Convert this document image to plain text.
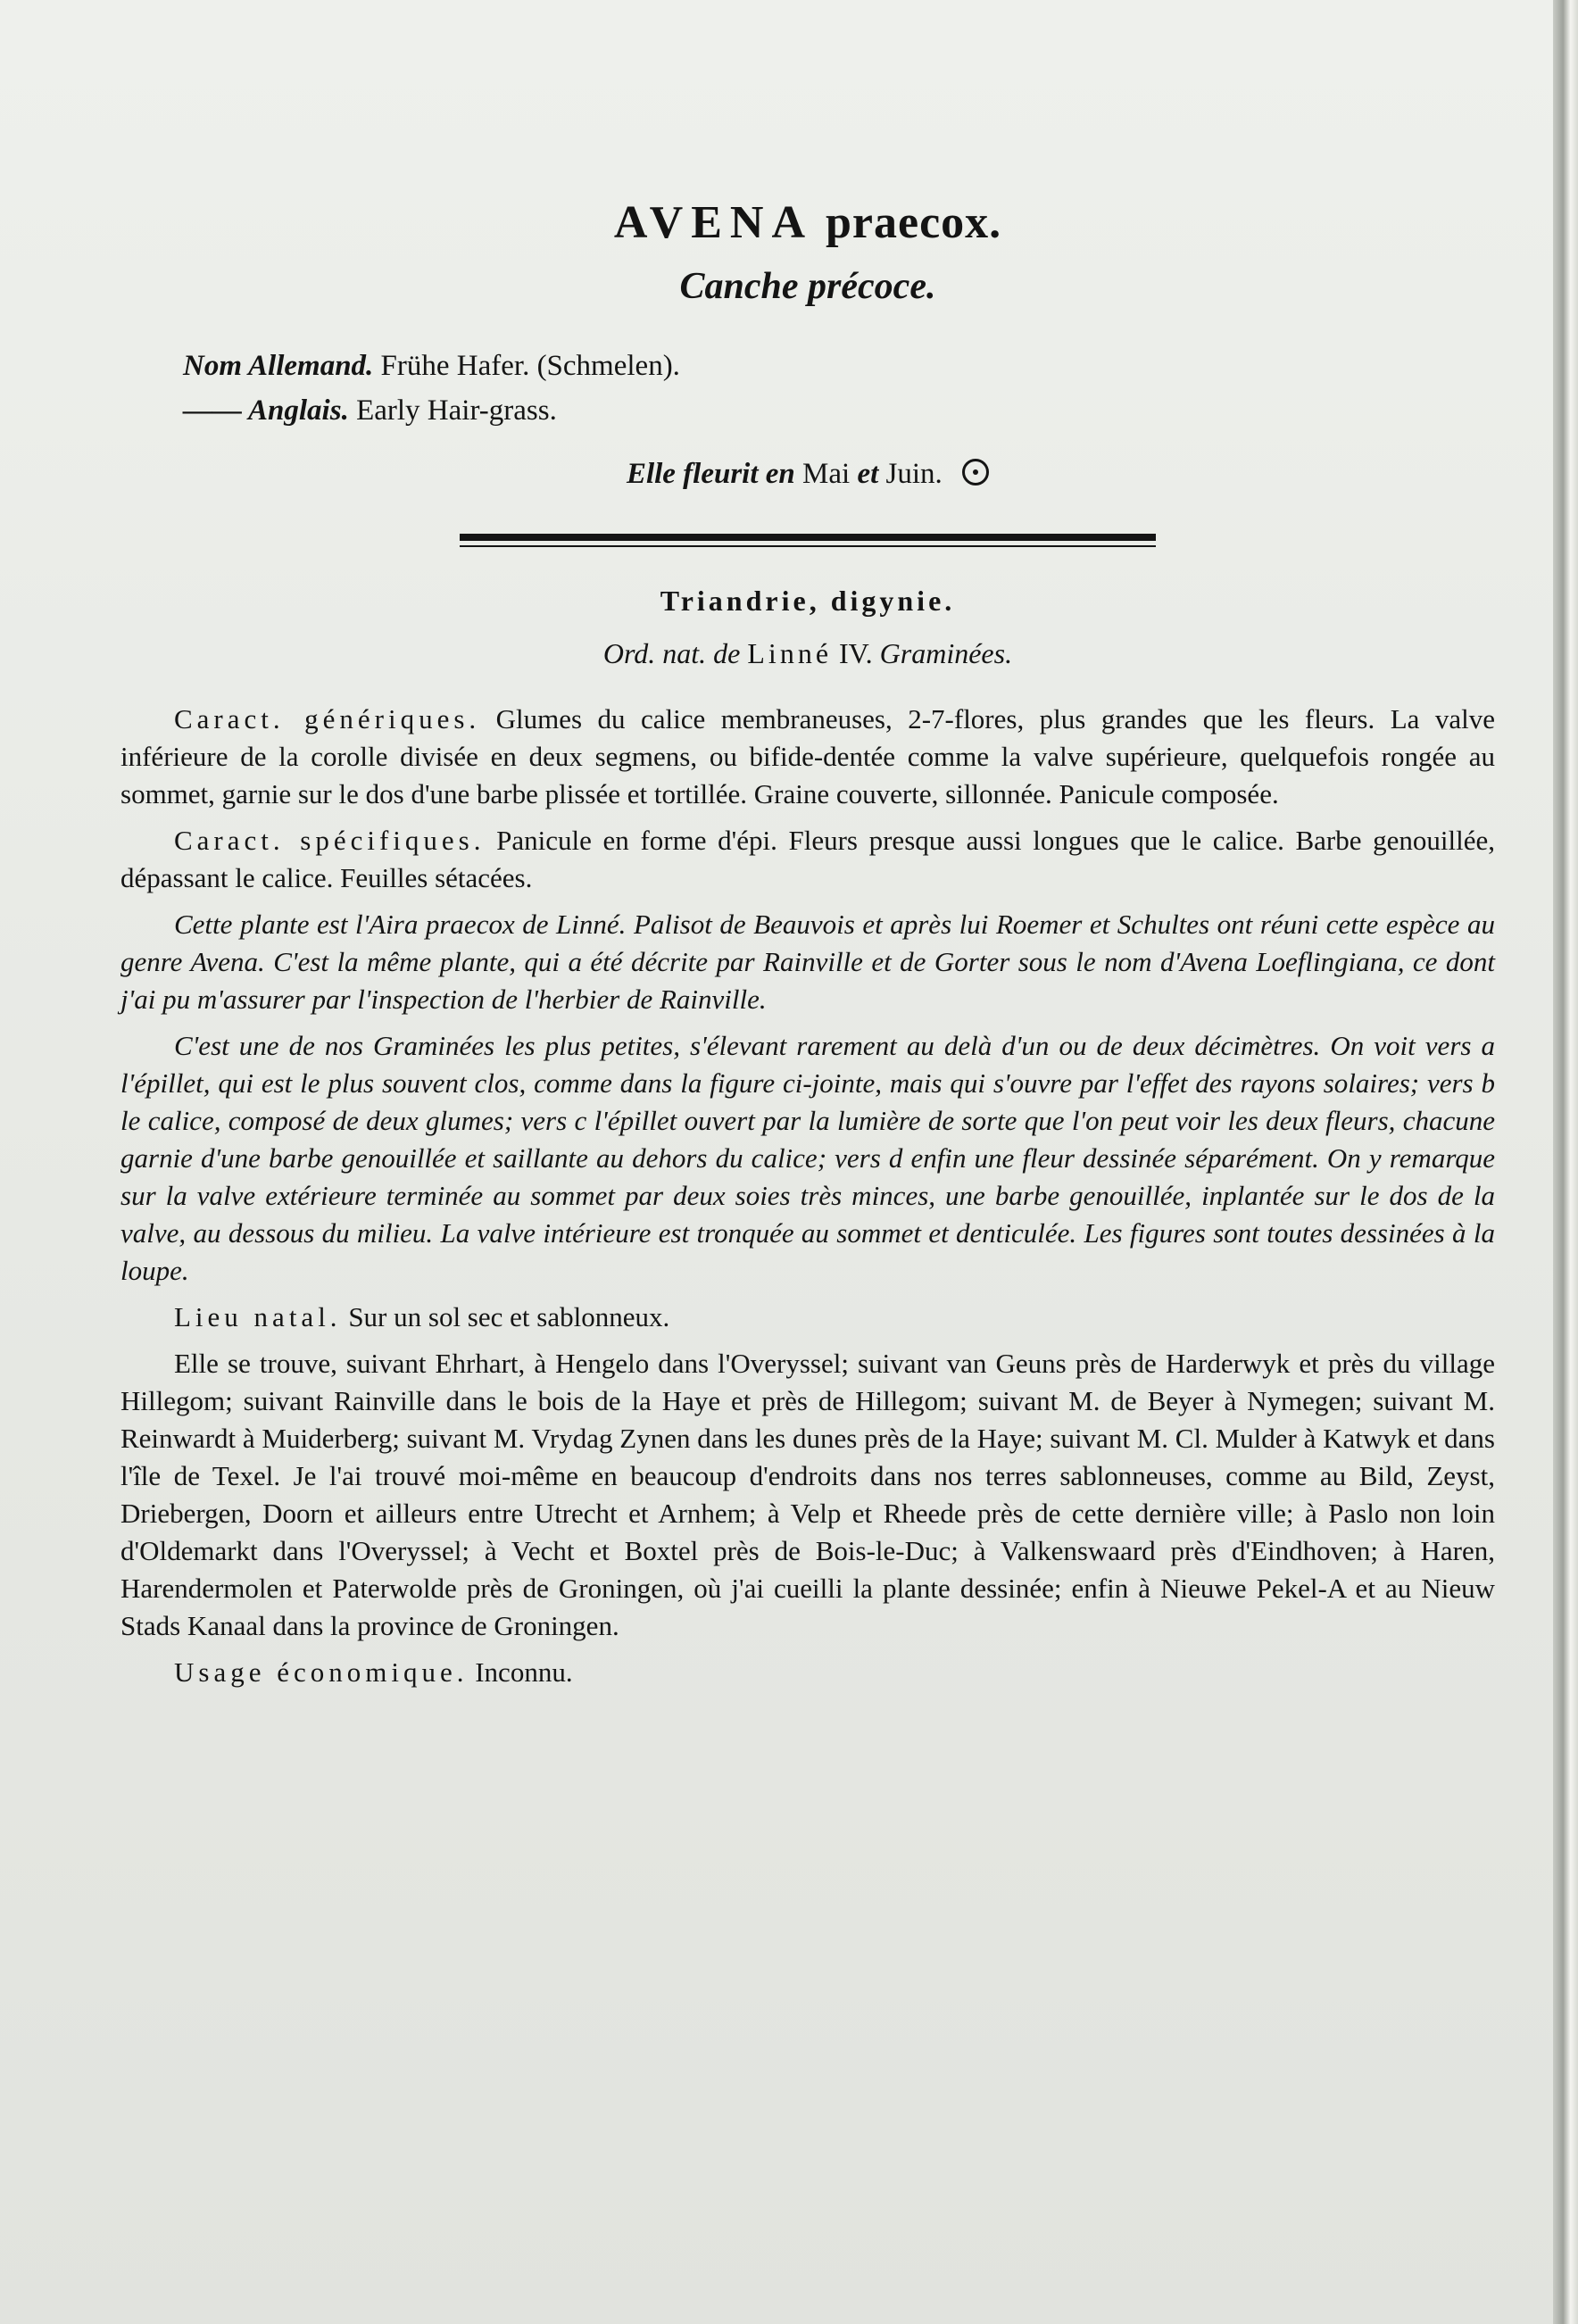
AVENA praecox.
Canche précoce.
Nom Allemand. Frühe Hafer. (Schmelen).
—— Anglais. Early Hair-grass.
Elle fleurit en Mai et Juin.
Triandrie, digynie.
Ord. nat. de Linné IV. Graminées.

Caract. génériques. Glumes du calice membraneuses, 2-7-flores, plus grandes que les fleurs. La valve inférieure de la corolle divisée en deux segmens, ou bifide-dentée comme la valve supérieure, quelquefois rongée au sommet, garnie sur le dos d'une barbe plissée et tortillée. Graine couverte, sillonnée. Panicule composée.

Caract. spécifiques. Panicule en forme d'épi. Fleurs presque aussi longues que le calice. Barbe genouillée, dépassant le calice. Feuilles sétacées.

Cette plante est l'Aira praecox de Linné. Palisot de Beauvois et après lui Roemer et Schultes ont réuni cette espèce au genre Avena. C'est la même plante, qui a été décrite par Rainville et de Gorter sous le nom d'Avena Loeflingiana, ce dont j'ai pu m'assurer par l'inspection de l'herbier de Rainville.

C'est une de nos Graminées les plus petites, s'élevant rarement au delà d'un ou de deux décimètres. On voit vers a l'épillet, qui est le plus souvent clos, comme dans la figure ci-jointe, mais qui s'ouvre par l'effet des rayons solaires; vers b le calice, composé de deux glumes; vers c l'épillet ouvert par la lumière de sorte que l'on peut voir les deux fleurs, chacune garnie d'une barbe genouillée et saillante au dehors du calice; vers d enfin une fleur dessinée séparément. On y remarque sur la valve extérieure terminée au sommet par deux soies très minces, une barbe genouillée, inplantée sur le dos de la valve, au dessous du milieu. La valve intérieure est tronquée au sommet et denticulée. Les figures sont toutes dessinées à la loupe.

Lieu natal. Sur un sol sec et sablonneux.

Elle se trouve, suivant Ehrhart, à Hengelo dans l'Overyssel; suivant van Geuns près de Harderwyk et près du village Hillegom; suivant Rainville dans le bois de la Haye et près de Hillegom; suivant M. de Beyer à Nymegen; suivant M. Reinwardt à Muiderberg; suivant M. Vrydag Zynen dans les dunes près de la Haye; suivant M. Cl. Mulder à Katwyk et dans l'île de Texel. Je l'ai trouvé moi-même en beaucoup d'endroits dans nos terres sablonneuses, comme au Bild, Zeyst, Driebergen, Doorn et ailleurs entre Utrecht et Arnhem; à Velp et Rheede près de cette dernière ville; à Paslo non loin d'Oldemarkt dans l'Overyssel; à Vecht et Boxtel près de Bois-le-Duc; à Valkenswaard près d'Eindhoven; à Haren, Harendermolen et Paterwolde près de Groningen, où j'ai cueilli la plante dessinée; enfin à Nieuwe Pekel-A et au Nieuw Stads Kanaal dans la province de Groningen.

Usage économique. Inconnu.
